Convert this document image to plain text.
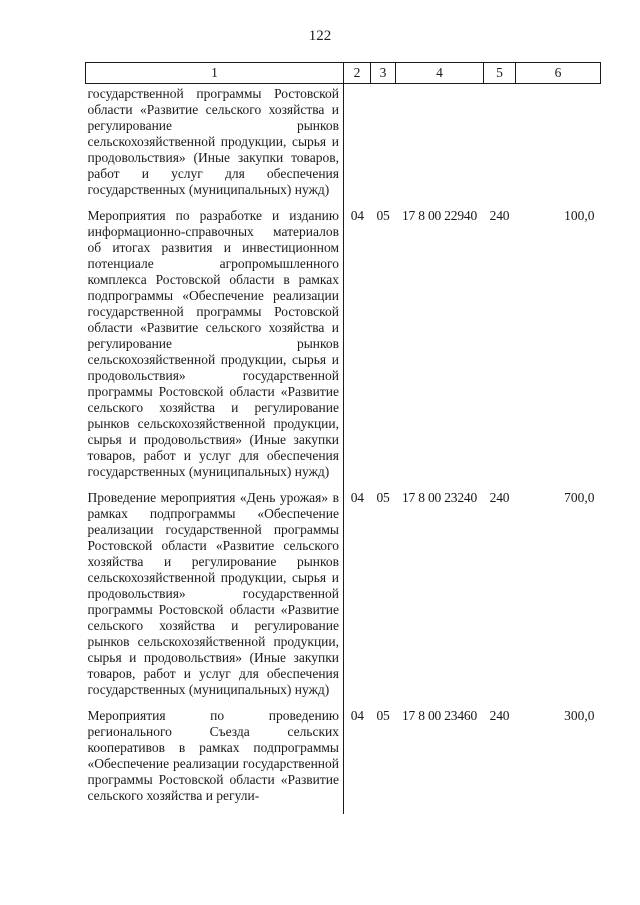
122
1	2	3	4	5	6
государственной программы Ростовской области «Развитие сельского хозяйства и регулирование рынков сельскохозяйственной продукции, сырья и продовольствия» (Иные закупки товаров, работ и услуг для обеспечения государственных (муниципальных) нужд)					
Мероприятия по разработке и изданию информационно-справочных материалов об итогах развития и инвестиционном потенциале агропромышленного комплекса Ростовской области в рамках подпрограммы «Обеспечение реализации государственной программы Ростовской области «Развитие сельского хозяйства и регулирование рынков сельскохозяйственной продукции, сырья и продовольствия» государственной программы Ростовской области «Развитие сельского хозяйства и регулирование рынков сельскохозяйственной продукции, сырья и продовольствия» (Иные закупки товаров, работ и услуг для обеспечения государственных (муниципальных) нужд)	04	05	17 8 00 22940	240	100,0
Проведение мероприятия «День урожая» в рамках подпрограммы «Обеспечение реализации государственной программы Ростовской области «Развитие сельского хозяйства и регулирование рынков сельскохозяйственной продукции, сырья и продовольствия» государственной программы Ростовской области «Развитие сельского хозяйства и регулирование рынков сельскохозяйственной продукции, сырья и продовольствия» (Иные закупки товаров, работ и услуг для обеспечения государственных (муниципальных) нужд)	04	05	17 8 00 23240	240	700,0
Мероприятия по проведению регионального Съезда сельских кооперативов в рамках подпрограммы «Обеспечение реализации государственной программы Ростовской области «Развитие сельского хозяйства и регули-	04	05	17 8 00 23460	240	300,0
